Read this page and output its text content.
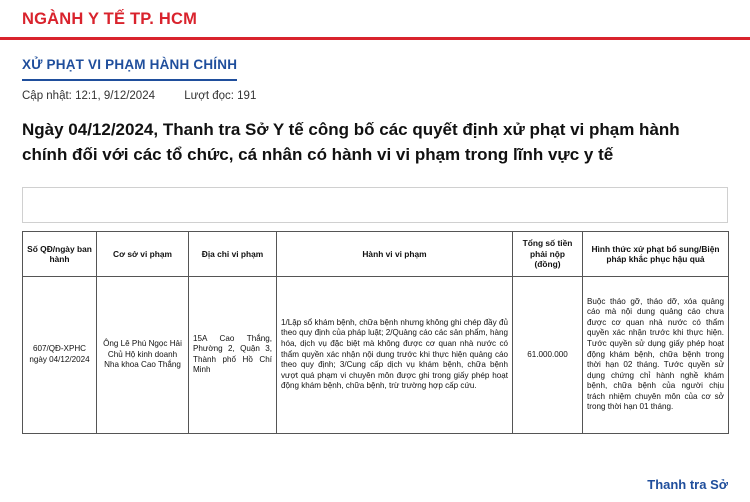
NGÀNH Y TẾ TP. HCM
XỬ PHẠT VI PHẠM HÀNH CHÍNH
Cập nhật: 12:1, 9/12/2024	Lượt đọc: 191
Ngày 04/12/2024, Thanh tra Sở Y tế công bố các quyết định xử phạt vi phạm hành chính đối với các tổ chức, cá nhân có hành vi vi phạm trong lĩnh vực y tế
Số QĐ/ngày ban hành	Cơ sở vi phạm	Địa chỉ vi phạm	Hành vi vi phạm	Tổng số tiền phải nộp (đồng)	Hình thức xử phạt bổ sung/Biện pháp khắc phục hậu quả
607/QĐ-XPHC ngày 04/12/2024	Ông Lê Phú Ngọc Hải Chủ Hộ kinh doanh Nha khoa Cao Thắng	15A Cao Thắng, Phường 2, Quận 3, Thành phố Hồ Chí Minh	1/Lập sổ khám bệnh, chữa bệnh nhưng không ghi chép đầy đủ theo quy định của pháp luật; 2/Quảng cáo các sản phẩm, hàng hóa, dịch vụ đặc biệt mà không được cơ quan nhà nước có thẩm quyền xác nhận nội dung trước khi thực hiện quảng cáo theo quy định; 3/Cung cấp dịch vụ khám bệnh, chữa bệnh vượt quá phạm vi chuyên môn được ghi trong giấy phép hoạt động khám bệnh, chữa bệnh, trừ trường hợp cấp cứu.	61.000.000	Buộc tháo gỡ, tháo dỡ, xóa quảng cáo mà nội dung quảng cáo chưa được cơ quan nhà nước có thẩm quyền xác nhận trước khi thực hiện. Tước quyền sử dụng giấy phép hoạt động khám bệnh, chữa bệnh trong thời hạn 02 tháng. Tước quyền sử dụng chứng chỉ hành nghề khám bệnh, chữa bệnh của người chịu trách nhiệm chuyên môn của cơ sở trong thời hạn 01 tháng.
Thanh tra Sở
